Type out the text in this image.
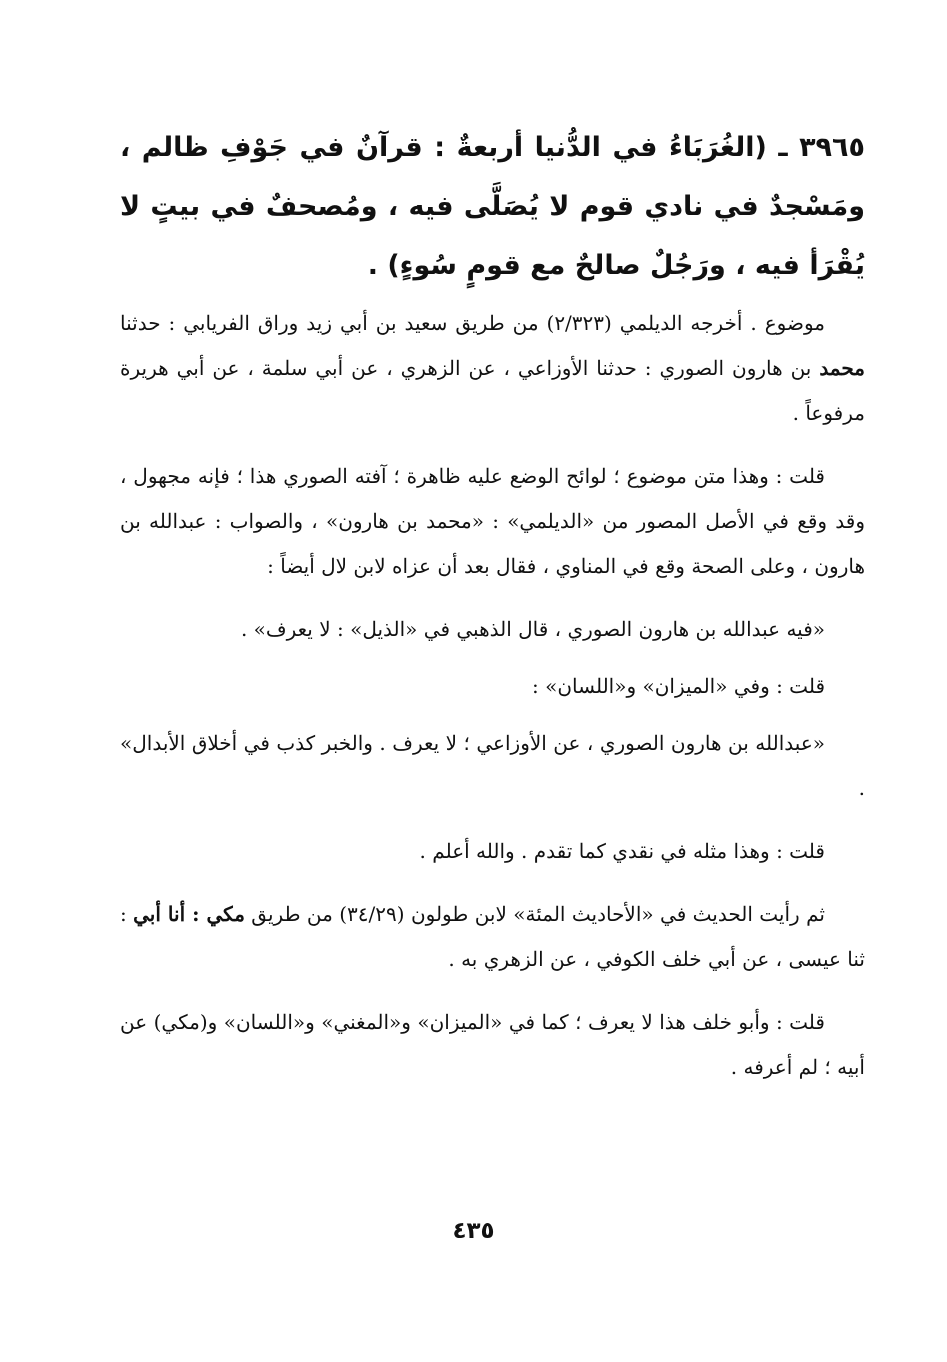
٣٩٦٥ ـ (الغُرَبَاءُ في الدُّنيا أربعةٌ : قرآنٌ في جَوْفِ ظالم ، ومَسْجدٌ في نادي قوم لا يُصَلَّى فيه ، ومُصحفٌ في بيتٍ لا يُقْرَأ فيه ، ورَجُلٌ صالحٌ مع قومٍ سُوءٍ) .

موضوع . أخرجه الديلمي (٢/٣٢٣) من طريق سعيد بن أبي زيد وراق الفريابي : حدثنا محمد بن هارون الصوري : حدثنا الأوزاعي ، عن الزهري ، عن أبي سلمة ، عن أبي هريرة مرفوعاً .

قلت : وهذا متن موضوع ؛ لوائح الوضع عليه ظاهرة ؛ آفته الصوري هذا ؛ فإنه مجهول ، وقد وقع في الأصل المصور من «الديلمي» : «محمد بن هارون» ، والصواب : عبدالله بن هارون ، وعلى الصحة وقع في المناوي ، فقال بعد أن عزاه لابن لال أيضاً :

«فيه عبدالله بن هارون الصوري ، قال الذهبي في «الذيل» : لا يعرف» .

قلت : وفي «الميزان» و«اللسان» :

«عبدالله بن هارون الصوري ، عن الأوزاعي ؛ لا يعرف . والخبر كذب في أخلاق الأبدال» .

قلت : وهذا مثله في نقدي كما تقدم . والله أعلم .

ثم رأيت الحديث في «الأحاديث المئة» لابن طولون (٣٤/٢٩) من طريق مكي : أنا أبي : ثنا عيسى ، عن أبي خلف الكوفي ، عن الزهري به .

قلت : وأبو خلف هذا لا يعرف ؛ كما في «الميزان» و«المغني» و«اللسان» و(مكي) عن أبيه ؛ لم أعرفه .

٤٣٥
